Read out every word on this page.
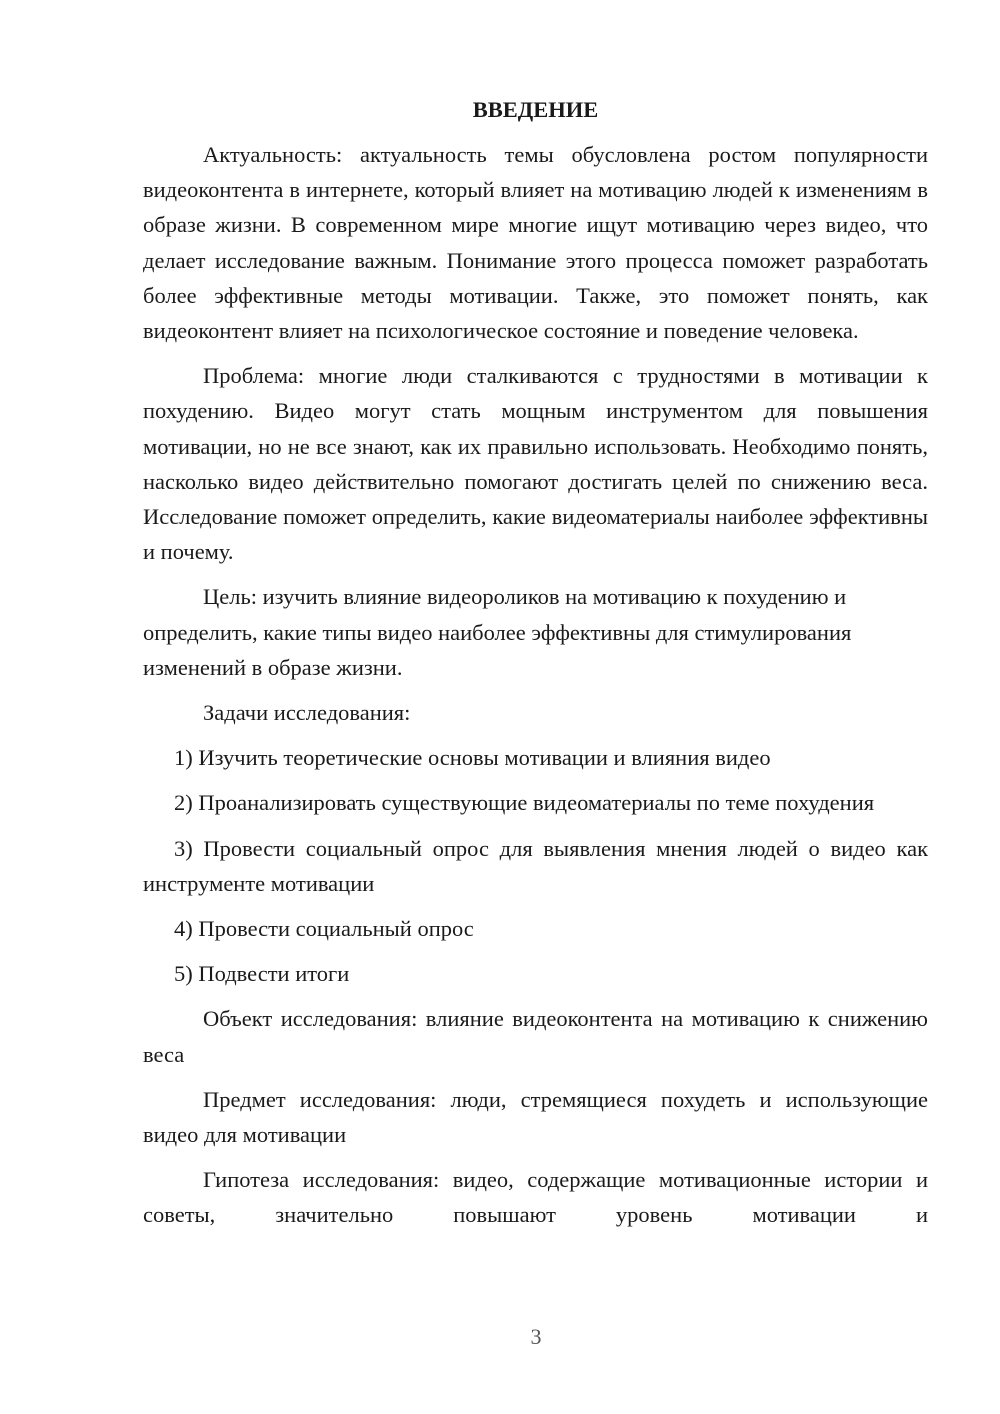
ВВЕДЕНИЕ

Актуальность: актуальность темы обусловлена ростом популярности видеоконтента в интернете, который влияет на мотивацию людей к изменениям в образе жизни. В современном мире многие ищут мотивацию через видео, что делает исследование важным. Понимание этого процесса поможет разработать более эффективные методы мотивации. Также, это поможет понять, как видеоконтент влияет на психологическое состояние и поведение человека.

Проблема: многие люди сталкиваются с трудностями в мотивации к похудению. Видео могут стать мощным инструментом для повышения мотивации, но не все знают, как их правильно использовать. Необходимо понять, насколько видео действительно помогают достигать целей по снижению веса. Исследование поможет определить, какие видеоматериалы наиболее эффективны и почему.

Цель: изучить влияние видеороликов на мотивацию к похудению и определить, какие типы видео наиболее эффективны для стимулирования изменений в образе жизни.

Задачи исследования:

1) Изучить теоретические основы мотивации и влияния видео

2) Проанализировать существующие видеоматериалы по теме похудения

3) Провести социальный опрос для выявления мнения людей о видео как инструменте мотивации

4) Провести социальный опрос

5) Подвести итоги

Объект исследования: влияние видеоконтента на мотивацию к снижению веса

Предмет исследования: люди, стремящиеся похудеть и использующие видео для мотивации

Гипотеза исследования: видео, содержащие мотивационные истории и советы, значительно повышают уровень мотивации и

3
